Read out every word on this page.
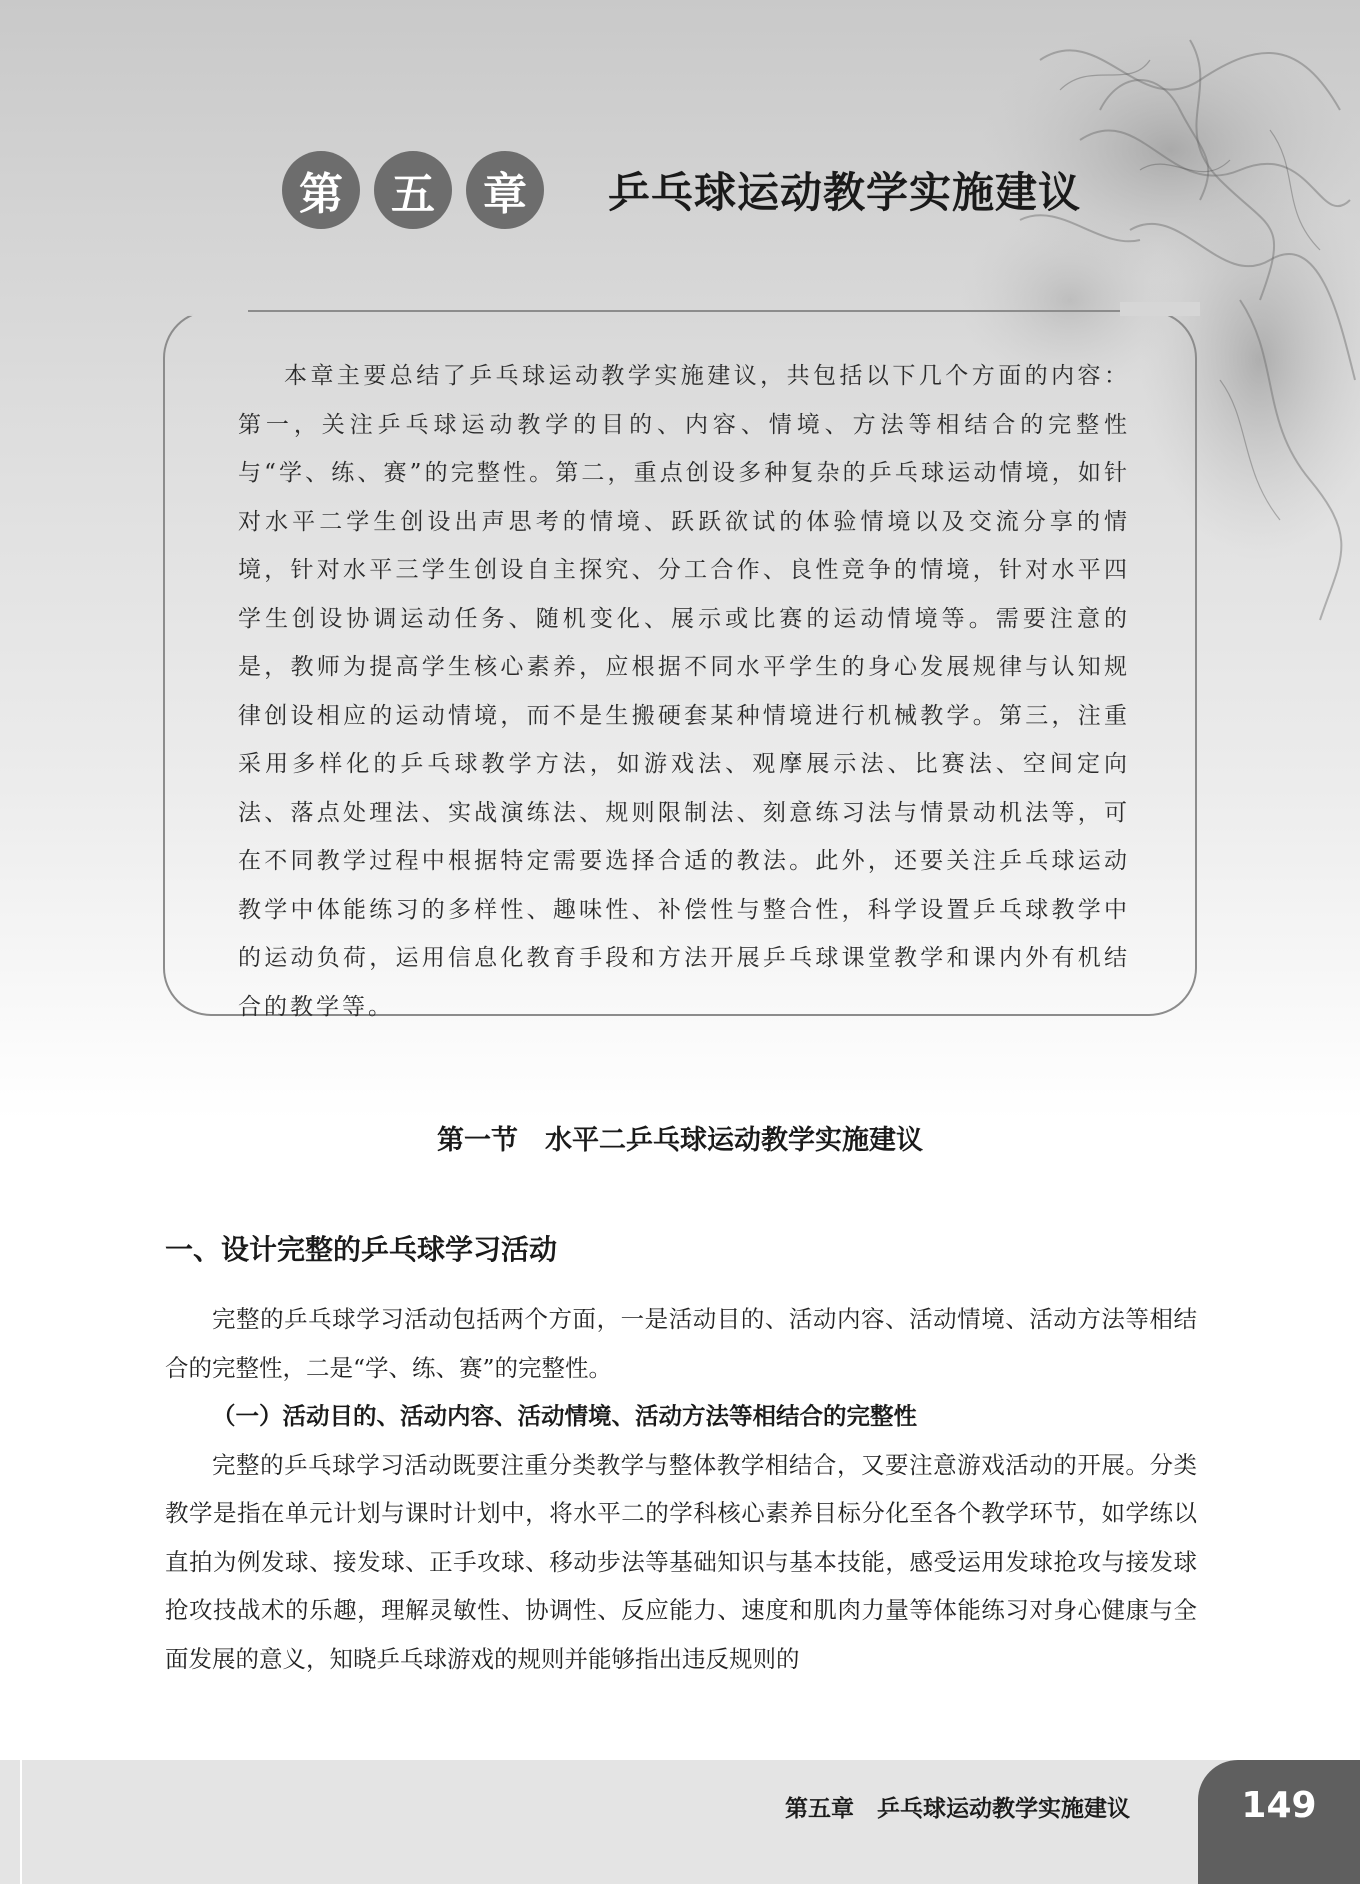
第	五	章	乒乓球运动教学实施建议

本章主要总结了乒乓球运动教学实施建议，共包括以下几个方面的内容：第一，关注乒乓球运动教学的目的、内容、情境、方法等相结合的完整性与“学、练、赛”的完整性。第二，重点创设多种复杂的乒乓球运动情境，如针对水平二学生创设出声思考的情境、跃跃欲试的体验情境以及交流分享的情境，针对水平三学生创设自主探究、分工合作、良性竞争的情境，针对水平四学生创设协调运动任务、随机变化、展示或比赛的运动情境等。需要注意的是，教师为提高学生核心素养，应根据不同水平学生的身心发展规律与认知规律创设相应的运动情境，而不是生搬硬套某种情境进行机械教学。第三，注重采用多样化的乒乓球教学方法，如游戏法、观摩展示法、比赛法、空间定向法、落点处理法、实战演练法、规则限制法、刻意练习法与情景动机法等，可在不同教学过程中根据特定需要选择合适的教法。此外，还要关注乒乓球运动教学中体能练习的多样性、趣味性、补偿性与整合性，科学设置乒乓球教学中的运动负荷，运用信息化教育手段和方法开展乒乓球课堂教学和课内外有机结合的教学等。

第一节　水平二乒乓球运动教学实施建议
一、设计完整的乒乓球学习活动

完整的乒乓球学习活动包括两个方面，一是活动目的、活动内容、活动情境、活动方法等相结合的完整性，二是“学、练、赛”的完整性。

（一）活动目的、活动内容、活动情境、活动方法等相结合的完整性

完整的乒乓球学习活动既要注重分类教学与整体教学相结合，又要注意游戏活动的开展。分类教学是指在单元计划与课时计划中，将水平二的学科核心素养目标分化至各个教学环节，如学练以直拍为例发球、接发球、正手攻球、移动步法等基础知识与基本技能，感受运用发球抢攻与接发球抢攻技战术的乐趣，理解灵敏性、协调性、反应能力、速度和肌肉力量等体能练习对身心健康与全面发展的意义，知晓乒乓球游戏的规则并能够指出违反规则的

第五章　乒乓球运动教学实施建议	149
